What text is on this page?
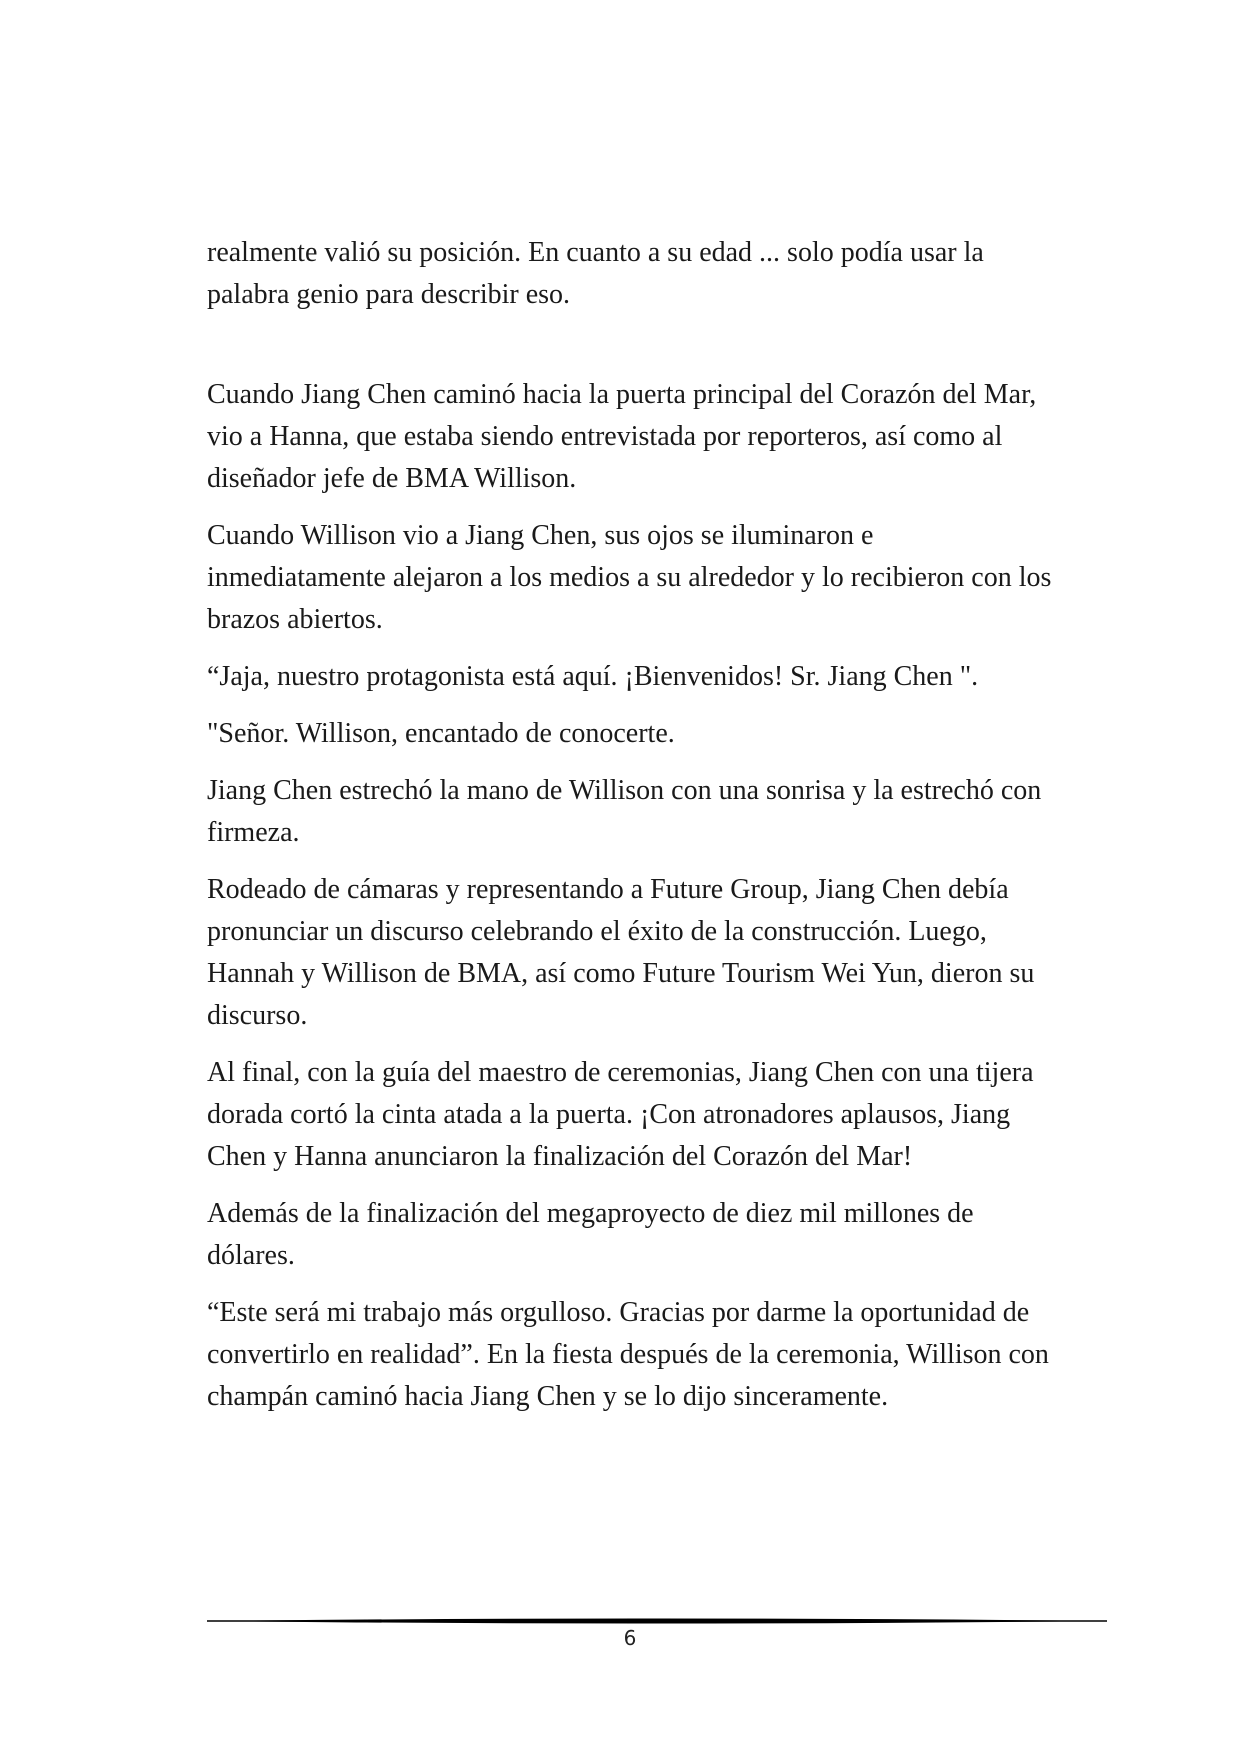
realmente valió su posición. En cuanto a su edad ... solo podía usar la palabra genio para describir eso.

Cuando Jiang Chen caminó hacia la puerta principal del Corazón del Mar, vio a Hanna, que estaba siendo entrevistada por reporteros, así como al diseñador jefe de BMA Willison.

Cuando Willison vio a Jiang Chen, sus ojos se iluminaron e inmediatamente alejaron a los medios a su alrededor y lo recibieron con los brazos abiertos.

“Jaja, nuestro protagonista está aquí. ¡Bienvenidos! Sr. Jiang Chen ".

"Señor. Willison, encantado de conocerte.

Jiang Chen estrechó la mano de Willison con una sonrisa y la estrechó con firmeza.

Rodeado de cámaras y representando a Future Group, Jiang Chen debía pronunciar un discurso celebrando el éxito de la construcción. Luego, Hannah y Willison de BMA, así como Future Tourism Wei Yun, dieron su discurso.

Al final, con la guía del maestro de ceremonias, Jiang Chen con una tijera dorada cortó la cinta atada a la puerta. ¡Con atronadores aplausos, Jiang Chen y Hanna anunciaron la finalización del Corazón del Mar!

Además de la finalización del megaproyecto de diez mil millones de dólares.

“Este será mi trabajo más orgulloso. Gracias por darme la oportunidad de convertirlo en realidad”. En la fiesta después de la ceremonia, Willison con champán caminó hacia Jiang Chen y se lo dijo sinceramente.

6
